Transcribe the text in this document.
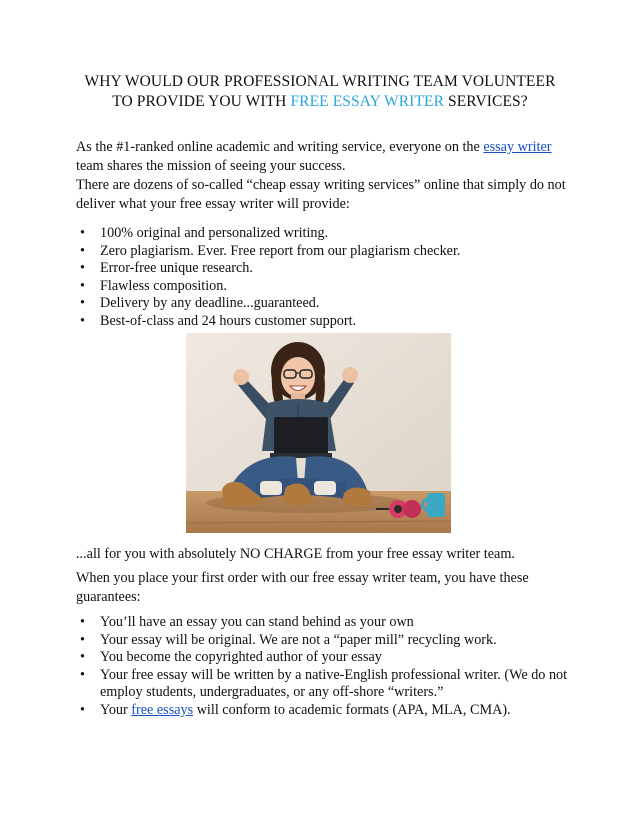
WHY WOULD OUR PROFESSIONAL WRITING TEAM VOLUNTEER
TO PROVIDE YOU WITH FREE ESSAY WRITER SERVICES?
As the #1-ranked online academic and writing service, everyone on the essay writer team shares the mission of seeing your success.
There are dozens of so-called “cheap essay writing services” online that simply do not deliver what your free essay writer will provide:
• 100% original and personalized writing.
• Zero plagiarism. Ever. Free report from our plagiarism checker.
• Error-free unique research.
• Flawless composition.
• Delivery by any deadline...guaranteed.
• Best-of-class and 24 hours customer support.
...all for you with absolutely NO CHARGE from your free essay writer team.
When you place your first order with our free essay writer team, you have these guarantees:
• You’ll have an essay you can stand behind as your own
• Your essay will be original. We are not a “paper mill” recycling work.
• You become the copyrighted author of your essay
• Your free essay will be written by a native-English professional writer. (We do not employ students, undergraduates, or any off-shore “writers.”
• Your free essays will conform to academic formats (APA, MLA, CMA).
